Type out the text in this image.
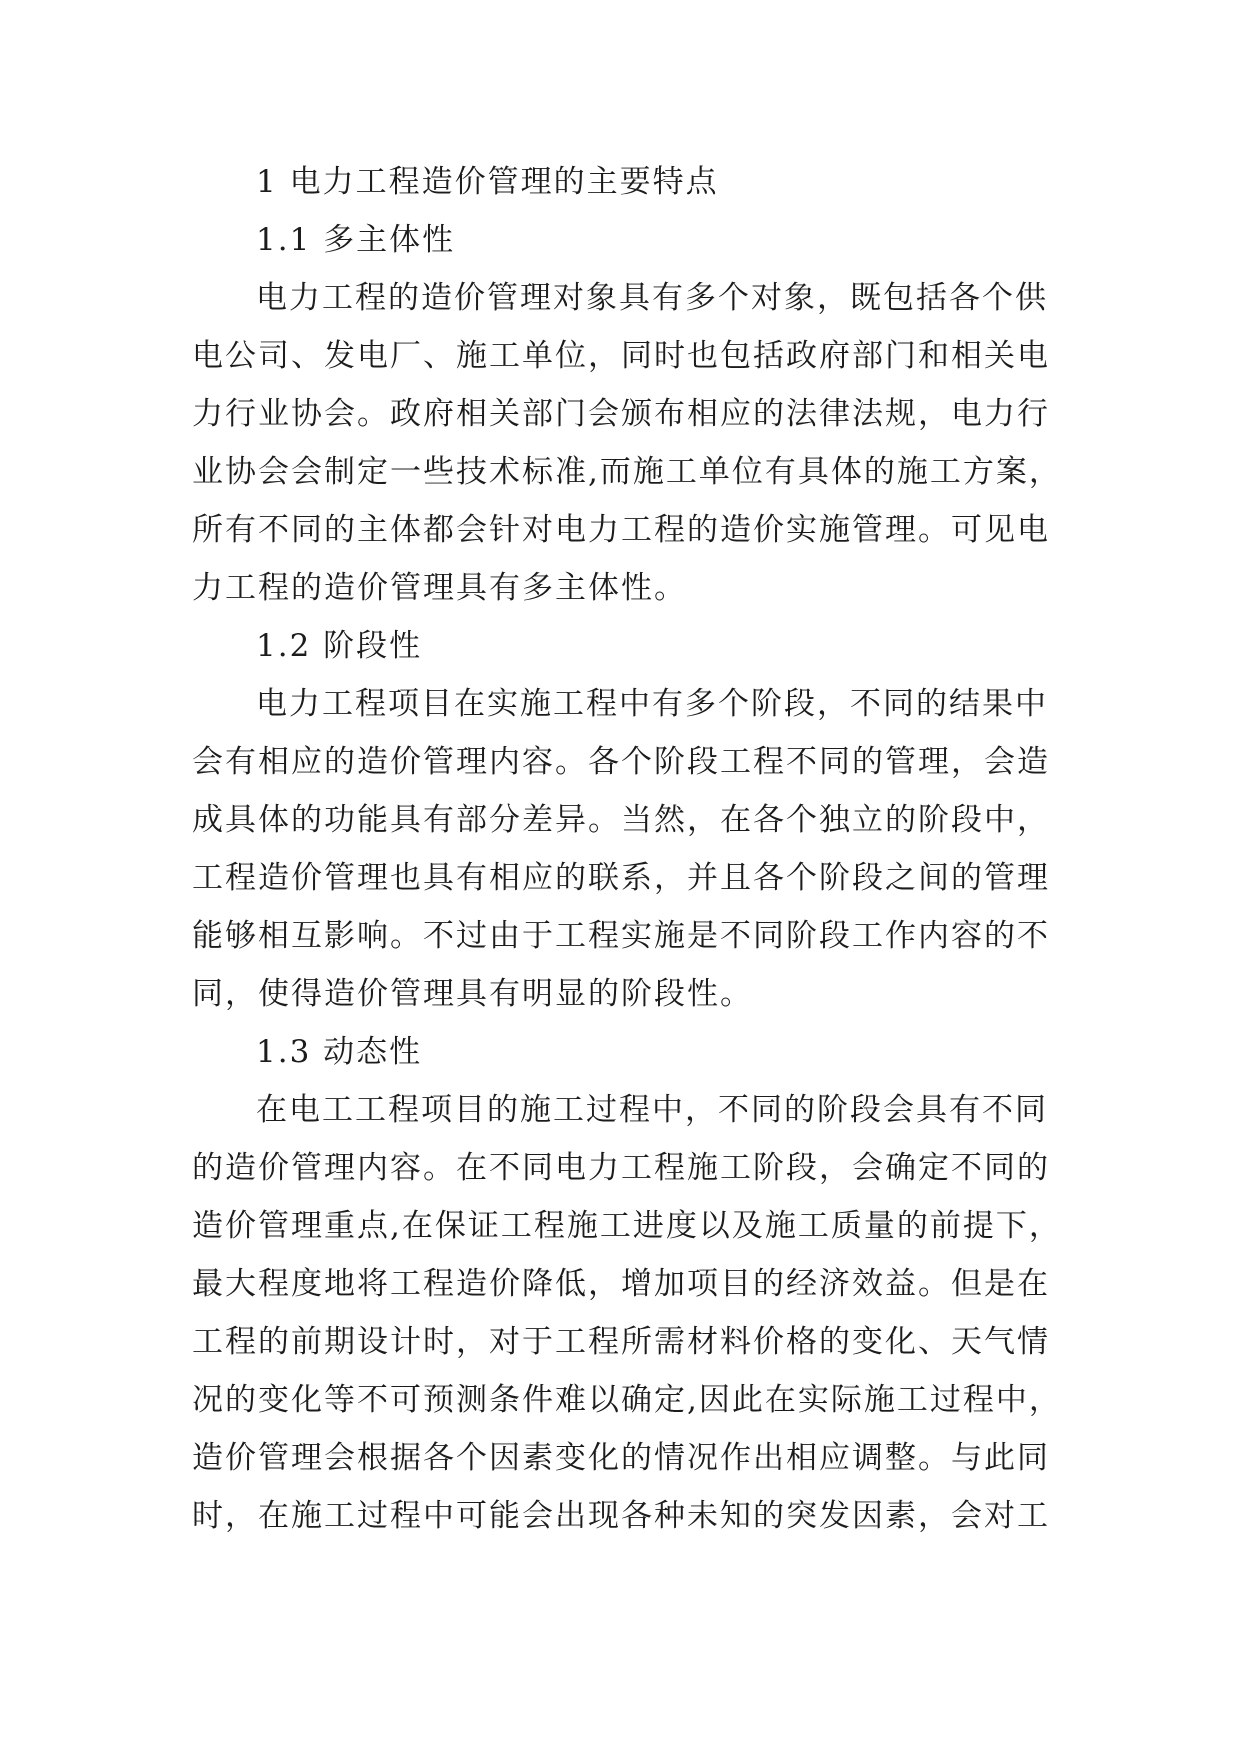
1 电力工程造价管理的主要特点

1.1 多主体性

电力工程的造价管理对象具有多个对象，既包括各个供
电公司、发电厂、施工单位，同时也包括政府部门和相关电
力行业协会。政府相关部门会颁布相应的法律法规，电力行
业协会会制定一些技术标准,而施工单位有具体的施工方案，
所有不同的主体都会针对电力工程的造价实施管理。可见电
力工程的造价管理具有多主体性。

1.2 阶段性

电力工程项目在实施工程中有多个阶段，不同的结果中
会有相应的造价管理内容。各个阶段工程不同的管理，会造
成具体的功能具有部分差异。当然，在各个独立的阶段中，
工程造价管理也具有相应的联系，并且各个阶段之间的管理
能够相互影响。不过由于工程实施是不同阶段工作内容的不
同，使得造价管理具有明显的阶段性。

1.3 动态性

在电工工程项目的施工过程中，不同的阶段会具有不同
的造价管理内容。在不同电力工程施工阶段，会确定不同的
造价管理重点,在保证工程施工进度以及施工质量的前提下，
最大程度地将工程造价降低，增加项目的经济效益。但是在
工程的前期设计时，对于工程所需材料价格的变化、天气情
况的变化等不可预测条件难以确定,因此在实际施工过程中，
造价管理会根据各个因素变化的情况作出相应调整。与此同
时，在施工过程中可能会出现各种未知的突发因素，会对工
